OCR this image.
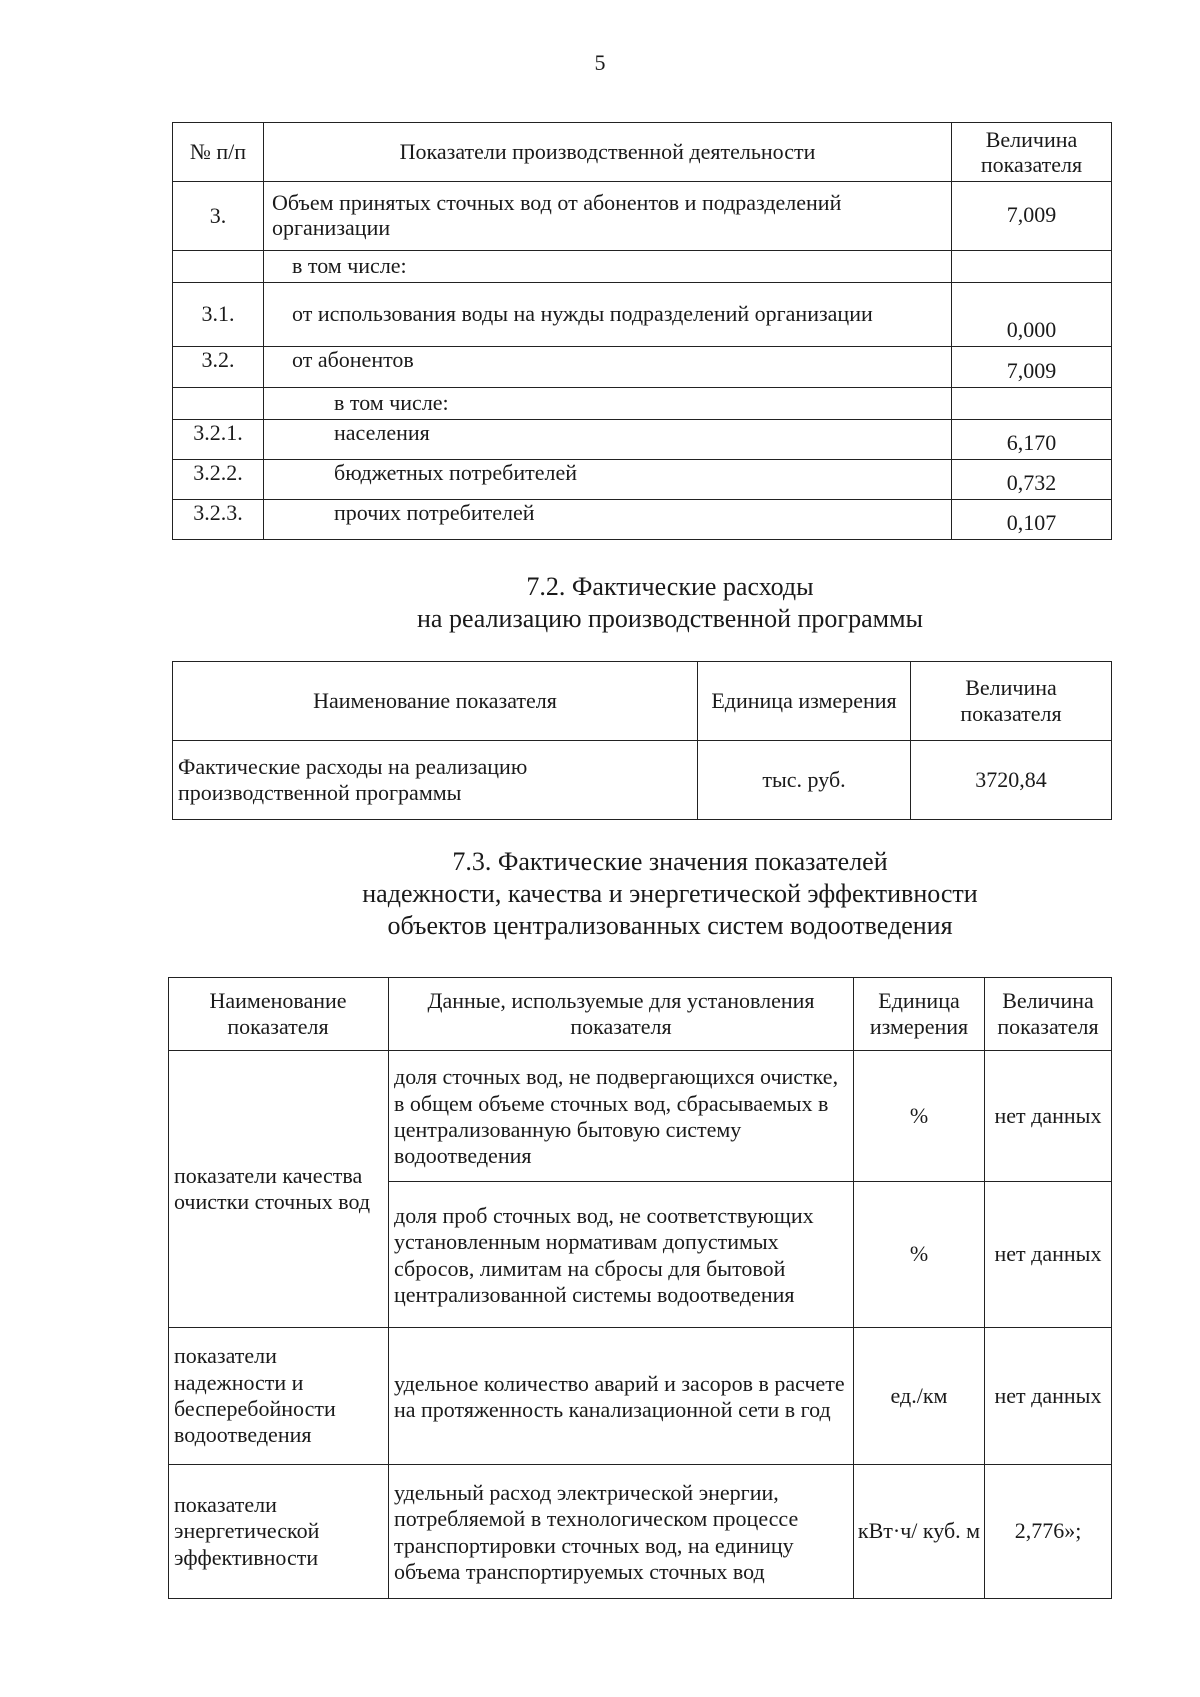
5
№ п/п	Показатели производственной деятельности	Величина показателя
3.	Объем принятых сточных вод от абонентов и подразделений организации	7,009
	в том числе:	
3.1.	от использования воды на нужды подразделений организации	0,000
3.2.	от абонентов	7,009
	в том числе:	
3.2.1.	населения	6,170
3.2.2.	бюджетных потребителей	0,732
3.2.3.	прочих потребителей	0,107
7.2. Фактические расходы
на реализацию производственной программы
Наименование показателя	Единица измерения	Величина показателя
Фактические расходы на реализацию производственной программы	тыс. руб.	3720,84
7.3. Фактические значения показателей
надежности, качества и энергетической эффективности
объектов централизованных систем водоотведения
Наименование показателя	Данные, используемые для установления показателя	Единица измерения	Величина показателя
показатели качества очистки сточных вод	доля сточных вод, не подвергающихся очистке, в общем объеме сточных вод, сбрасываемых в централизованную бытовую систему водоотведения	%	нет данных
	доля проб сточных вод, не соответствующих установленным нормативам допустимых сбросов, лимитам на сбросы для бытовой централизованной системы водоотведения	%	нет данных
показатели надежности и бесперебойности водоотведения	удельное количество аварий и засоров в расчете на протяженность канализационной сети в год	ед./км	нет данных
показатели энергетической эффективности	удельный расход электрической энергии, потребляемой в технологическом процессе транспортировки сточных вод, на единицу объема транспортируемых сточных вод	кВт·ч/ куб. м	2,776»;
